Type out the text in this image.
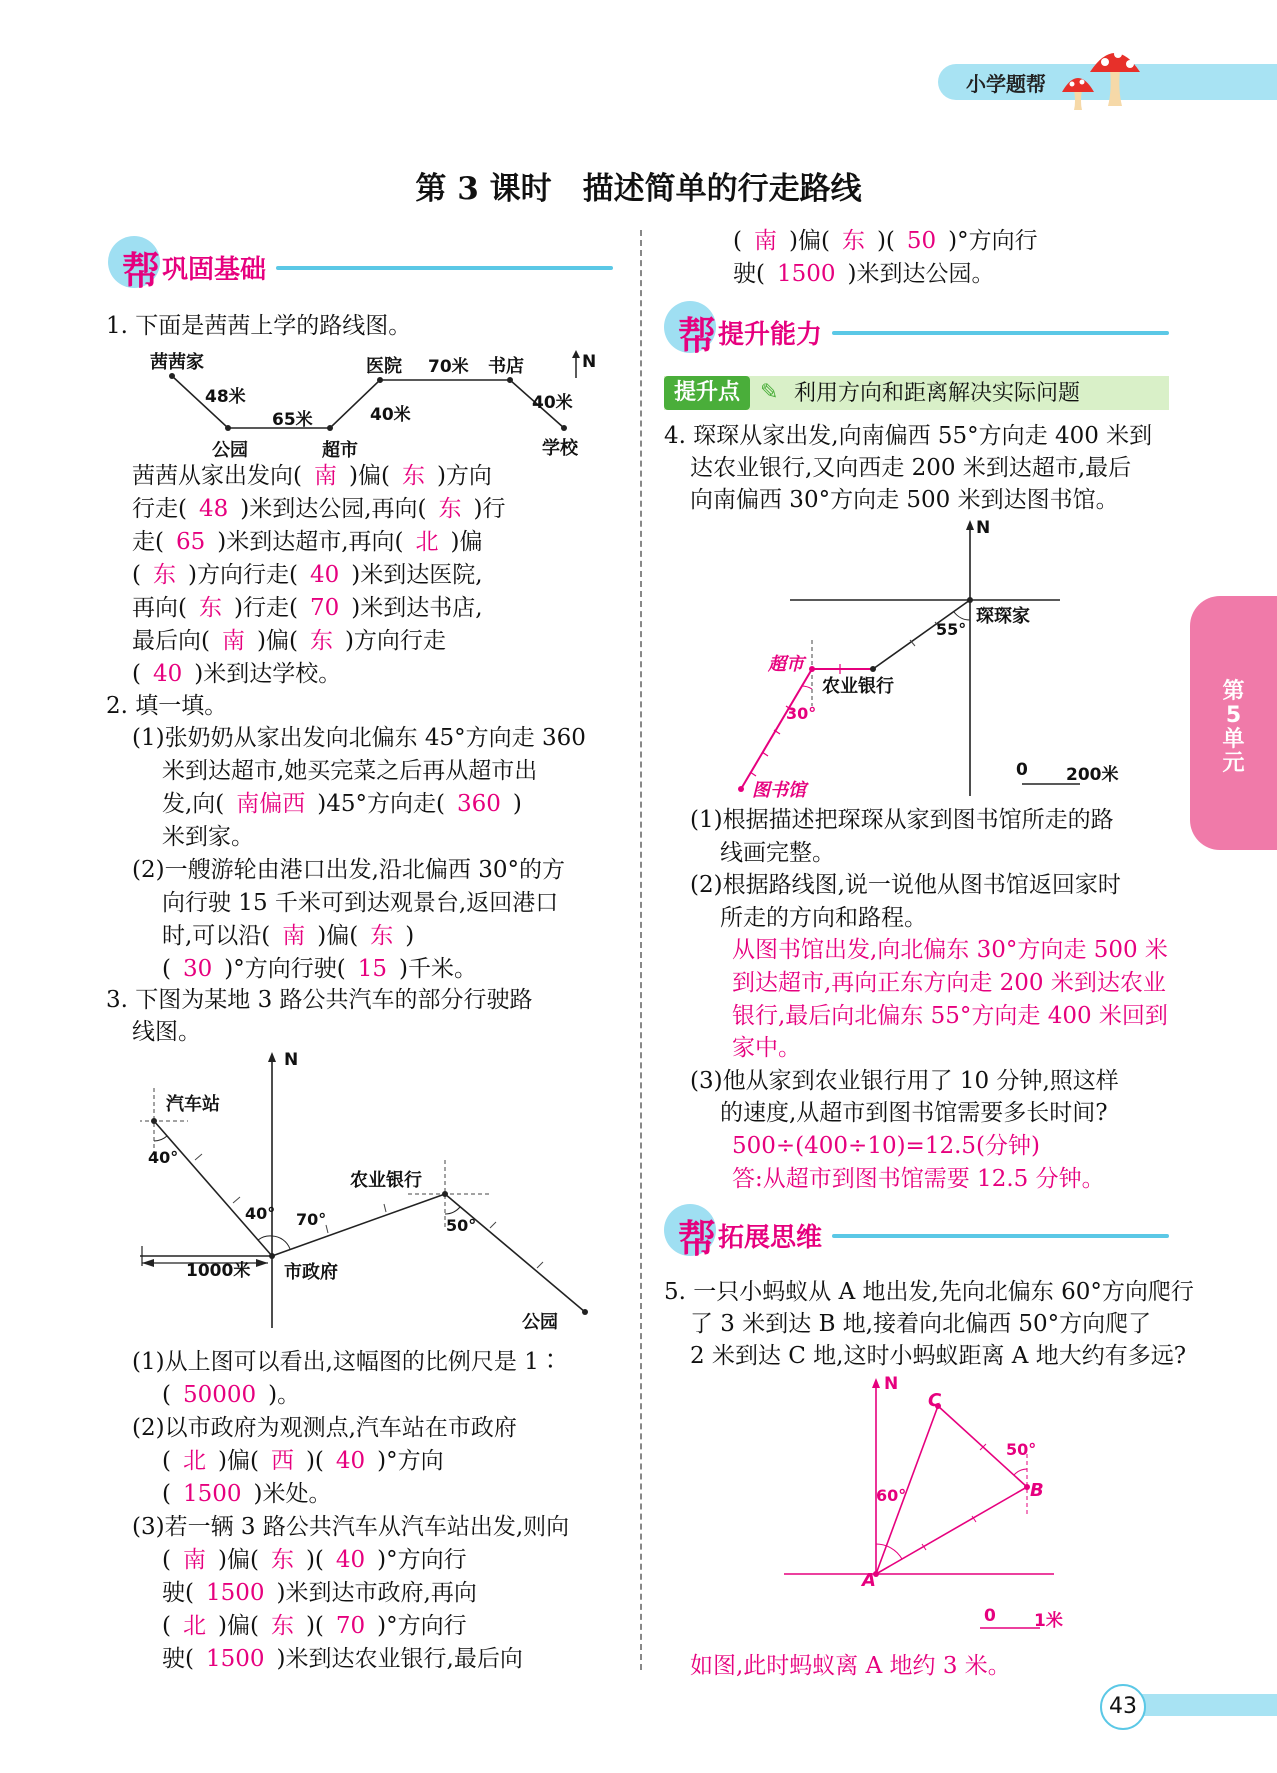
小学题帮
第 3 课时　描述简单的行走路线
第
5
单
元
帮 巩固基础
1. 下面是茜茜上学的路线图。
茜茜家
48米
65米
公园	超市
40米
医院 70米 书店
40米
学校
N
茜茜从家出发向( 南 )偏( 东 )方向
行走( 48 )米到达公园,再向( 东 )行
走( 65 )米到达超市,再向( 北 )偏
( 东 )方向行走( 40 )米到达医院,
再向( 东 )行走( 70 )米到达书店,
最后向( 南 )偏( 东 )方向行走
( 40 )米到达学校。
2. 填一填。
(1)张奶奶从家出发向北偏东 45°方向走 360
米到达超市,她买完菜之后再从超市出
发,向( 南偏西 )45°方向走( 360 )
米到家。
(2)一艘游轮由港口出发,沿北偏西 30°的方
向行驶 15 千米可到达观景台,返回港口
时,可以沿( 南 )偏( 东 )
( 30 )°方向行驶( 15 )千米。
3. 下图为某地 3 路公共汽车的部分行驶路
线图。
N
汽车站
40°
40° 70°
农业银行
50°
1000米 市政府
公园
(1)从上图可以看出,这幅图的比例尺是 1∶
( 50000 )。
(2)以市政府为观测点,汽车站在市政府
( 北 )偏( 西 )( 40 )°方向
( 1500 )米处。
(3)若一辆 3 路公共汽车从汽车站出发,则向
( 南 )偏( 东 )( 40 )°方向行
驶( 1500 )米到达市政府,再向
( 北 )偏( 东 )( 70 )°方向行
驶( 1500 )米到达农业银行,最后向
( 南 )偏( 东 )( 50 )°方向行
驶( 1500 )米到达公园。
帮 提升能力
提升点 ✎ 利用方向和距离解决实际问题
4. 琛琛从家出发,向南偏西 55°方向走 400 米到
达农业银行,又向西走 200 米到达超市,最后
向南偏西 30°方向走 500 米到达图书馆。
N
琛琛家
55°
超市
农业银行
30°
图书馆
0 200米
(1)根据描述把琛琛从家到图书馆所走的路
线画完整。
(2)根据路线图,说一说他从图书馆返回家时
所走的方向和路程。
从图书馆出发,向北偏东 30°方向走 500 米
到达超市,再向正东方向走 200 米到达农业
银行,最后向北偏东 55°方向走 400 米回到
家中。
(3)他从家到农业银行用了 10 分钟,照这样
的速度,从超市到图书馆需要多长时间?
500÷(400÷10)=12.5(分钟)
答:从超市到图书馆需要 12.5 分钟。
帮 拓展思维
5. 一只小蚂蚁从 A 地出发,先向北偏东 60°方向爬行
了 3 米到达 B 地,接着向北偏西 50°方向爬了
2 米到达 C 地,这时小蚂蚁距离 A 地大约有多远?
N
C
50°
B
60°
A
0 1米
如图,此时蚂蚁离 A 地约 3 米。
43
